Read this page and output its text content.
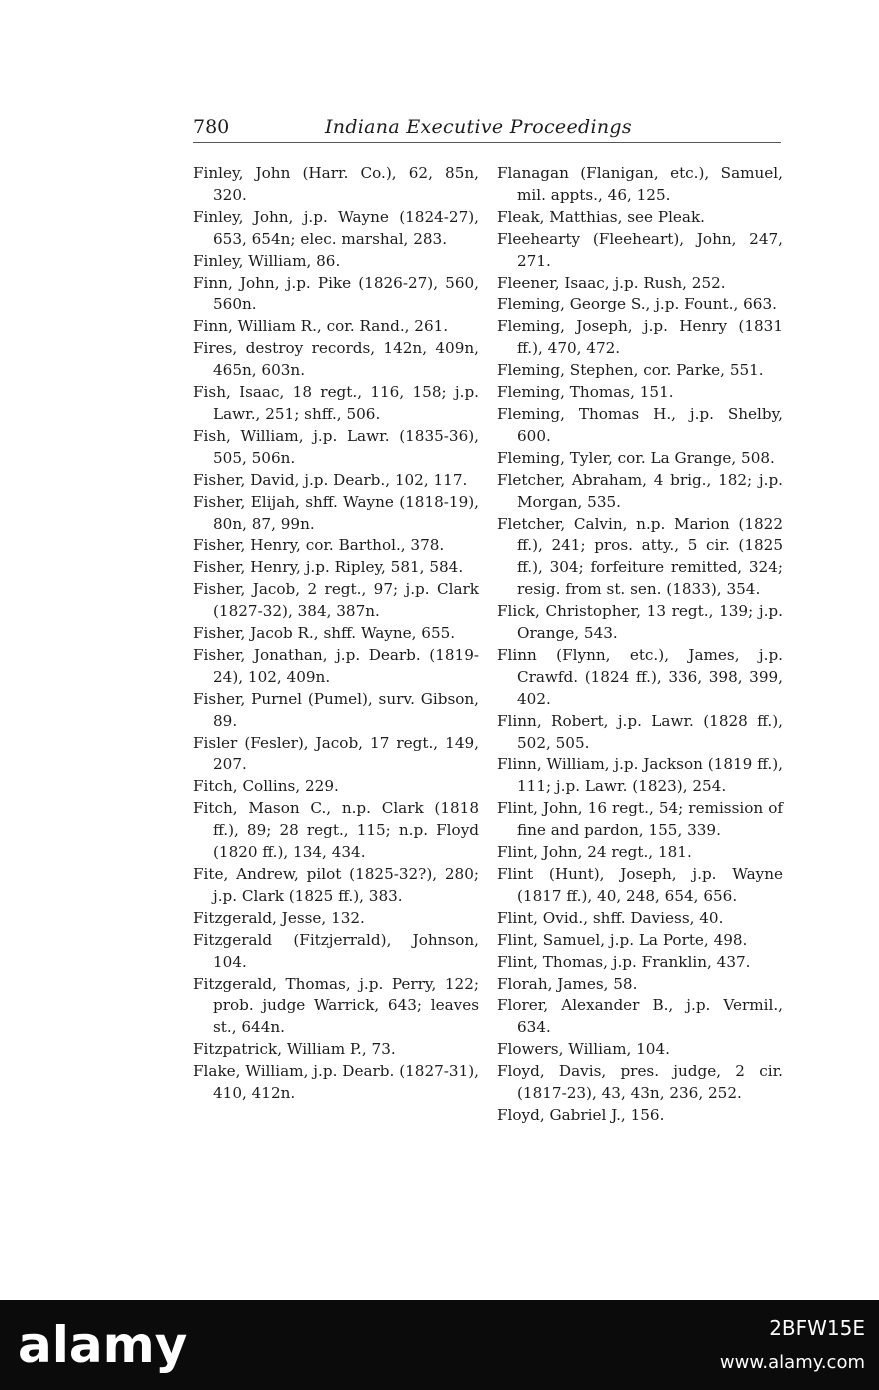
780	Indiana Executive Proceedings

Finley, John (Harr. Co.), 62, 85n, 320.

Finley, John, j.p. Wayne (1824-27), 653, 654n; elec. marshal, 283.

Finley, William, 86.

Finn, John, j.p. Pike (1826-27), 560, 560n.

Finn, William R., cor. Rand., 261.

Fires, destroy records, 142n, 409n, 465n, 603n.

Fish, Isaac, 18 regt., 116, 158; j.p. Lawr., 251; shff., 506.

Fish, William, j.p. Lawr. (1835-36), 505, 506n.

Fisher, David, j.p. Dearb., 102, 117.

Fisher, Elijah, shff. Wayne (1818-19), 80n, 87, 99n.

Fisher, Henry, cor. Barthol., 378.

Fisher, Henry, j.p. Ripley, 581, 584.

Fisher, Jacob, 2 regt., 97; j.p. Clark (1827-32), 384, 387n.

Fisher, Jacob R., shff. Wayne, 655.

Fisher, Jonathan, j.p. Dearb. (1819-24), 102, 409n.

Fisher, Purnel (Pumel), surv. Gibson, 89.

Fisler (Fesler), Jacob, 17 regt., 149, 207.

Fitch, Collins, 229.

Fitch, Mason C., n.p. Clark (1818 ff.), 89; 28 regt., 115; n.p. Floyd (1820 ff.), 134, 434.

Fite, Andrew, pilot (1825-32?), 280; j.p. Clark (1825 ff.), 383.

Fitzgerald, Jesse, 132.

Fitzgerald (Fitzjerrald), Johnson, 104.

Fitzgerald, Thomas, j.p. Perry, 122; prob. judge Warrick, 643; leaves st., 644n.

Fitzpatrick, William P., 73.

Flake, William, j.p. Dearb. (1827-31), 410, 412n.

Flanagan (Flanigan, etc.), Samuel, mil. appts., 46, 125.

Fleak, Matthias, see Pleak.

Fleehearty (Fleeheart), John, 247, 271.

Fleener, Isaac, j.p. Rush, 252.

Fleming, George S., j.p. Fount., 663.

Fleming, Joseph, j.p. Henry (1831 ff.), 470, 472.

Fleming, Stephen, cor. Parke, 551.

Fleming, Thomas, 151.

Fleming, Thomas H., j.p. Shelby, 600.

Fleming, Tyler, cor. La Grange, 508.

Fletcher, Abraham, 4 brig., 182; j.p. Morgan, 535.

Fletcher, Calvin, n.p. Marion (1822 ff.), 241; pros. atty., 5 cir. (1825 ff.), 304; forfeiture remitted, 324; resig. from st. sen. (1833), 354.

Flick, Christopher, 13 regt., 139; j.p. Orange, 543.

Flinn (Flynn, etc.), James, j.p. Crawfd. (1824 ff.), 336, 398, 399, 402.

Flinn, Robert, j.p. Lawr. (1828 ff.), 502, 505.

Flinn, William, j.p. Jackson (1819 ff.), 111; j.p. Lawr. (1823), 254.

Flint, John, 16 regt., 54; remission of fine and pardon, 155, 339.

Flint, John, 24 regt., 181.

Flint (Hunt), Joseph, j.p. Wayne (1817 ff.), 40, 248, 654, 656.

Flint, Ovid., shff. Daviess, 40.

Flint, Samuel, j.p. La Porte, 498.

Flint, Thomas, j.p. Franklin, 437.

Florah, James, 58.

Florer, Alexander B., j.p. Vermil., 634.

Flowers, William, 104.

Floyd, Davis, pres. judge, 2 cir. (1817-23), 43, 43n, 236, 252.

Floyd, Gabriel J., 156.

alamy	2BFW15E
www.alamy.com
